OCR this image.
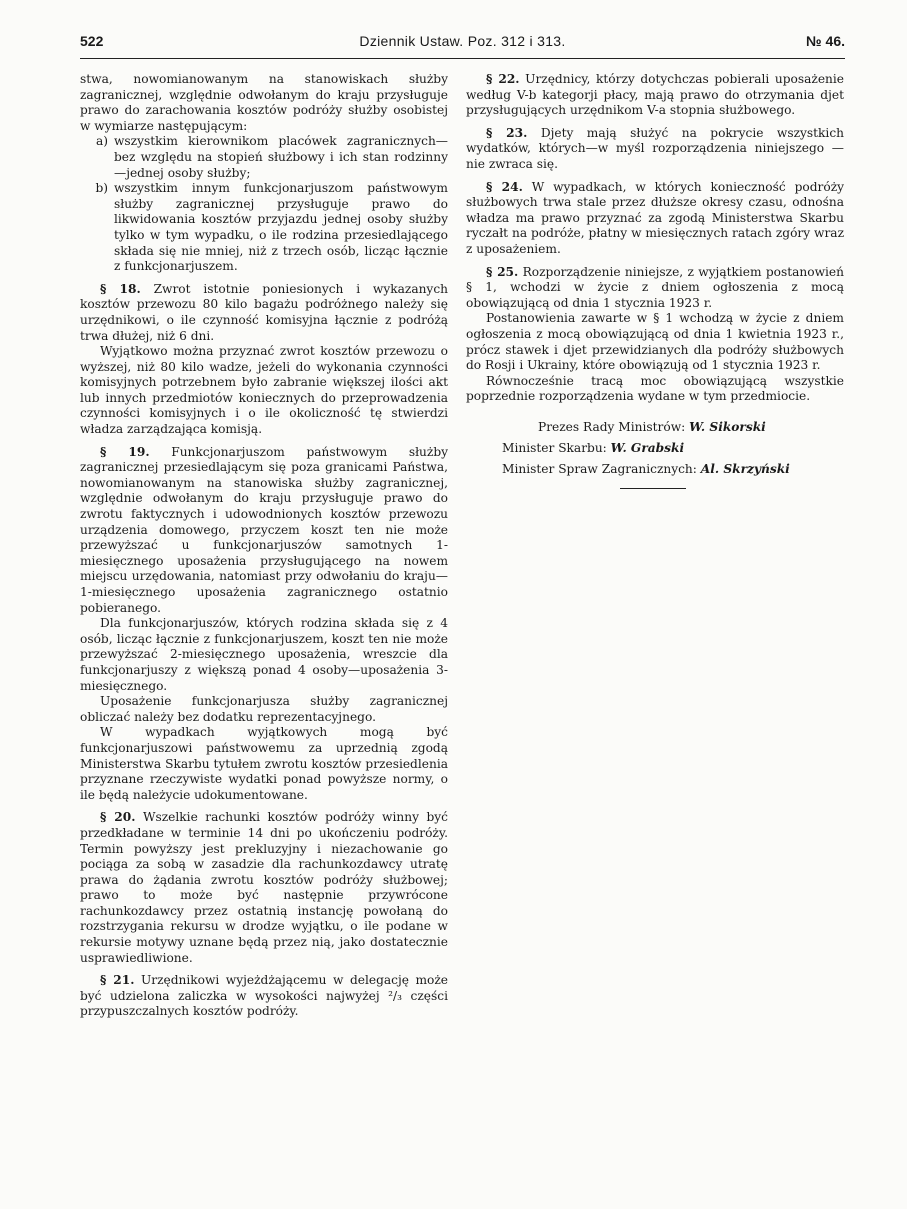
522	Dziennik Ustaw. Poz. 312 i 313.	№ 46.

stwa, nowomianowanym na stanowiskach służby zagranicznej, względnie odwołanym do kraju przysługuje prawo do zarachowania kosztów podróży służby osobistej w wymiarze następującym:

a) wszystkim kierownikom placówek zagranicznych—bez względu na stopień służbowy i ich stan rodzinny—jednej osoby służby;
b) wszystkim innym funkcjonarjuszom państwowym służby zagranicznej przysługuje prawo do likwidowania kosztów przyjazdu jednej osoby służby tylko w tym wypadku, o ile rodzina przesiedlającego składa się nie mniej, niż z trzech osób, licząc łącznie z funkcjonarjuszem.

§ 18. Zwrot istotnie poniesionych i wykazanych kosztów przewozu 80 kilo bagażu podróżnego należy się urzędnikowi, o ile czynność komisyjna łącznie z podróżą trwa dłużej, niż 6 dni.

Wyjątkowo można przyznać zwrot kosztów przewozu o wyższej, niż 80 kilo wadze, jeżeli do wykonania czynności komisyjnych potrzebnem było zabranie większej ilości akt lub innych przedmiotów koniecznych do przeprowadzenia czynności komisyjnych i o ile okoliczność tę stwierdzi władza zarządzająca komisją.

§ 19. Funkcjonarjuszom państwowym służby zagranicznej przesiedlającym się poza granicami Państwa, nowomianowanym na stanowiska służby zagranicznej, względnie odwołanym do kraju przysługuje prawo do zwrotu faktycznych i udowodnionych kosztów przewozu urządzenia domowego, przyczem koszt ten nie może przewyższać u funkcjonarjuszów samotnych 1-miesięcznego uposażenia przysługującego na nowem miejscu urzędowania, natomiast przy odwołaniu do kraju—1-miesięcznego uposażenia zagranicznego ostatnio pobieranego.

Dla funkcjonarjuszów, których rodzina składa się z 4 osób, licząc łącznie z funkcjonarjuszem, koszt ten nie może przewyższać 2-miesięcznego uposażenia, wreszcie dla funkcjonarjuszy z większą ponad 4 osoby—uposażenia 3-miesięcznego.

Uposażenie funkcjonarjusza służby zagranicznej obliczać należy bez dodatku reprezentacyjnego.

W wypadkach wyjątkowych mogą być funkcjonarjuszowi państwowemu za uprzednią zgodą Ministerstwa Skarbu tytułem zwrotu kosztów przesiedlenia przyznane rzeczywiste wydatki ponad powyższe normy, o ile będą należycie udokumentowane.

§ 20. Wszelkie rachunki kosztów podróży winny być przedkładane w terminie 14 dni po ukończeniu podróży. Termin powyższy jest prekluzyjny i niezachowanie go pociąga za sobą w zasadzie dla rachunkozdawcy utratę prawa do żądania zwrotu kosztów podróży służbowej; prawo to może być następnie przywrócone rachunkozdawcy przez ostatnią instancję powołaną do rozstrzygania rekursu w drodze wyjątku, o ile podane w rekursie motywy uznane będą przez nią, jako dostatecznie usprawiedliwione.

§ 21. Urzędnikowi wyjeżdżającemu w delegację może być udzielona zaliczka w wysokości najwyżej ²/₃ części przypuszczalnych kosztów podróży.

§ 22. Urzędnicy, którzy dotychczas pobierali uposażenie według V-b kategorji płacy, mają prawo do otrzymania djet przysługujących urzędnikom V-a stopnia służbowego.

§ 23. Djety mają służyć na pokrycie wszystkich wydatków, których—w myśl rozporządzenia niniejszego — nie zwraca się.

§ 24. W wypadkach, w których konieczność podróży służbowych trwa stale przez dłuższe okresy czasu, odnośna władza ma prawo przyznać za zgodą Ministerstwa Skarbu ryczałt na podróże, płatny w miesięcznych ratach zgóry wraz z uposażeniem.

§ 25. Rozporządzenie niniejsze, z wyjątkiem postanowień § 1, wchodzi w życie z dniem ogłoszenia z mocą obowiązującą od dnia 1 stycznia 1923 r.

Postanowienia zawarte w § 1 wchodzą w życie z dniem ogłoszenia z mocą obowiązującą od dnia 1 kwietnia 1923 r., prócz stawek i djet przewidzianych dla podróży służbowych do Rosji i Ukrainy, które obowiązują od 1 stycznia 1923 r.

Równocześnie tracą moc obowiązującą wszystkie poprzednie rozporządzenia wydane w tym przedmiocie.

Prezes Rady Ministrów: W. Sikorski
Minister Skarbu: W. Grabski
Minister Spraw Zagranicznych: Al. Skrzyński
